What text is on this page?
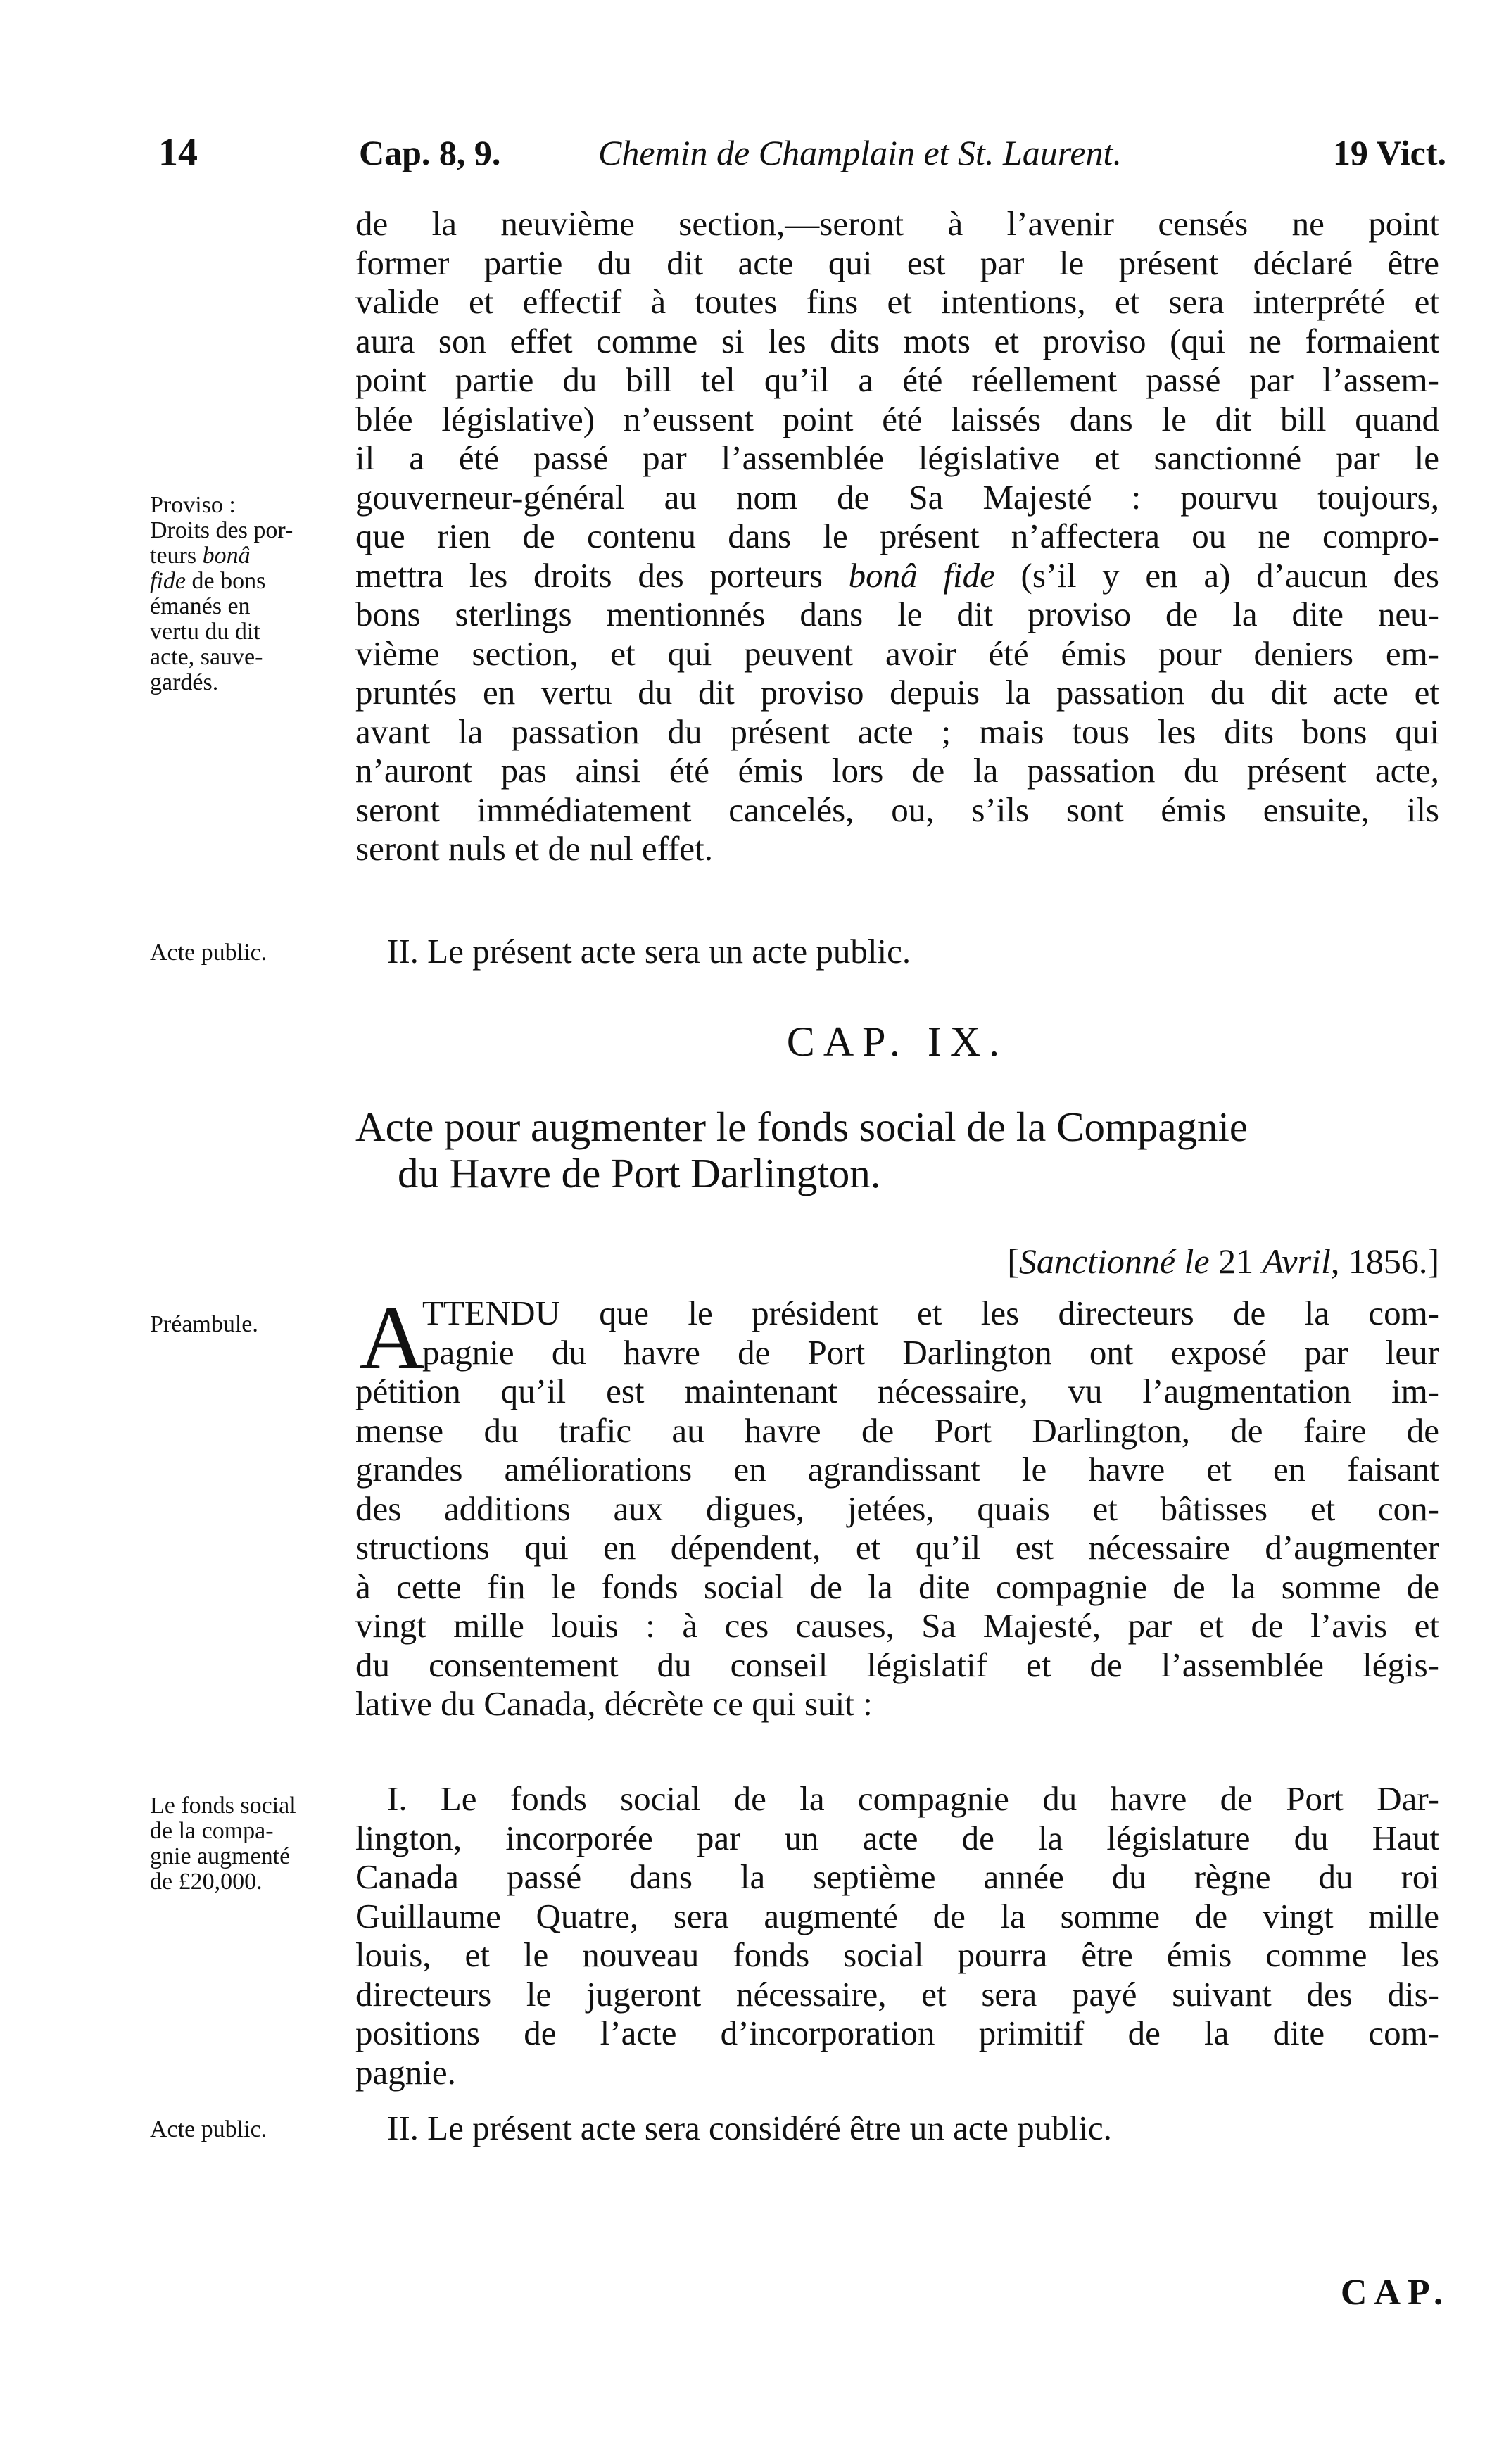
14	Cap. 8, 9.	Chemin de Champlain et St. Laurent.	19 Vict.
de la neuvième section,—seront à l’avenir censés ne point
former partie du dit acte qui est par le présent déclaré être
valide et effectif à toutes fins et intentions, et sera interprété et
aura son effet comme si les dits mots et proviso (qui ne formaient
point partie du bill tel qu’il a été réellement passé par l’assem-
blée législative) n’eussent point été laissés dans le dit bill quand
il a été passé par l’assemblée législative et sanctionné par le
gouverneur-général au nom de Sa Majesté : pourvu toujours,
que rien de contenu dans le présent n’affectera ou ne compro-
mettra les droits des porteurs bonâ fide (s’il y en a) d’aucun des
bons sterlings mentionnés dans le dit proviso de la dite neu-
vième section, et qui peuvent avoir été émis pour deniers em-
pruntés en vertu du dit proviso depuis la passation du dit acte et
avant la passation du présent acte ; mais tous les dits bons qui
n’auront pas ainsi été émis lors de la passation du présent acte,
seront immédiatement cancelés, ou, s’ils sont émis ensuite, ils
seront nuls et de nul effet.
Proviso :
Droits des por-
teurs bonâ
fide de bons
émanés en
vertu du dit
acte, sauve-
gardés.
Acte public.	II. Le présent acte sera un acte public.
CAP. IX.
Acte pour augmenter le fonds social de la Compagnie
du Havre de Port Darlington.
[Sanctionné le 21 Avril, 1856.]
Préambule.	A
TTENDU que le président et les directeurs de la com-
pagnie du havre de Port Darlington ont exposé par leur
pétition qu’il est maintenant nécessaire, vu l’augmentation im-
mense du trafic au havre de Port Darlington, de faire de
grandes améliorations en agrandissant le havre et en faisant
des additions aux digues, jetées, quais et bâtisses et con-
structions qui en dépendent, et qu’il est nécessaire d’augmenter
à cette fin le fonds social de la dite compagnie de la somme de
vingt mille louis : à ces causes, Sa Majesté, par et de l’avis et
du consentement du conseil législatif et de l’assemblée légis-
lative du Canada, décrète ce qui suit :
Le fonds social
de la compa-
gnie augmenté
de £20,000.
I. Le fonds social de la compagnie du havre de Port Dar-
lington, incorporée par un acte de la législature du Haut
Canada passé dans la septième année du règne du roi
Guillaume Quatre, sera augmenté de la somme de vingt mille
louis, et le nouveau fonds social pourra être émis comme les
directeurs le jugeront nécessaire, et sera payé suivant des dis-
positions de l’acte d’incorporation primitif de la dite com-
pagnie.
Acte public.	II. Le présent acte sera considéré être un acte public.
CAP.
